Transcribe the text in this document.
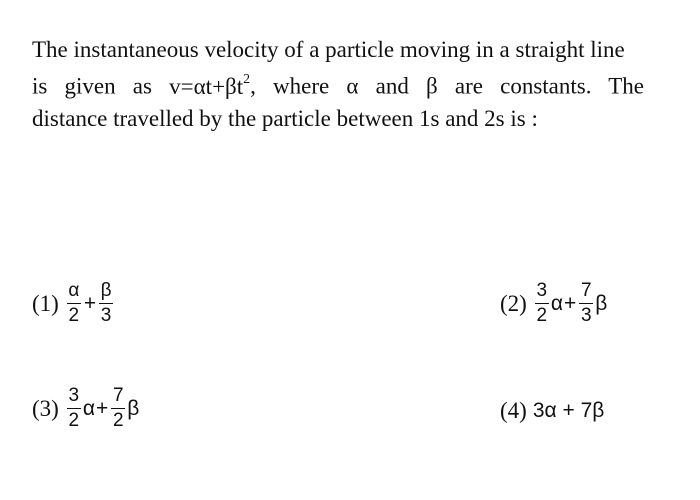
The instantaneous velocity of a particle moving in a straight line
is given as $v=\alpha t+\beta t^2$, where α and β are constants. The
distance travelled by the particle between 1s and 2s is :
$(1) \frac{\alpha}{2} + \frac{\beta}{3}$	$(2) \frac{3}{2}$ $\alpha + \frac{7}{3}$ β
$(3) \frac{3}{2}$ $\alpha + \frac{7}{2}$ β	(4) 3α + 7β
